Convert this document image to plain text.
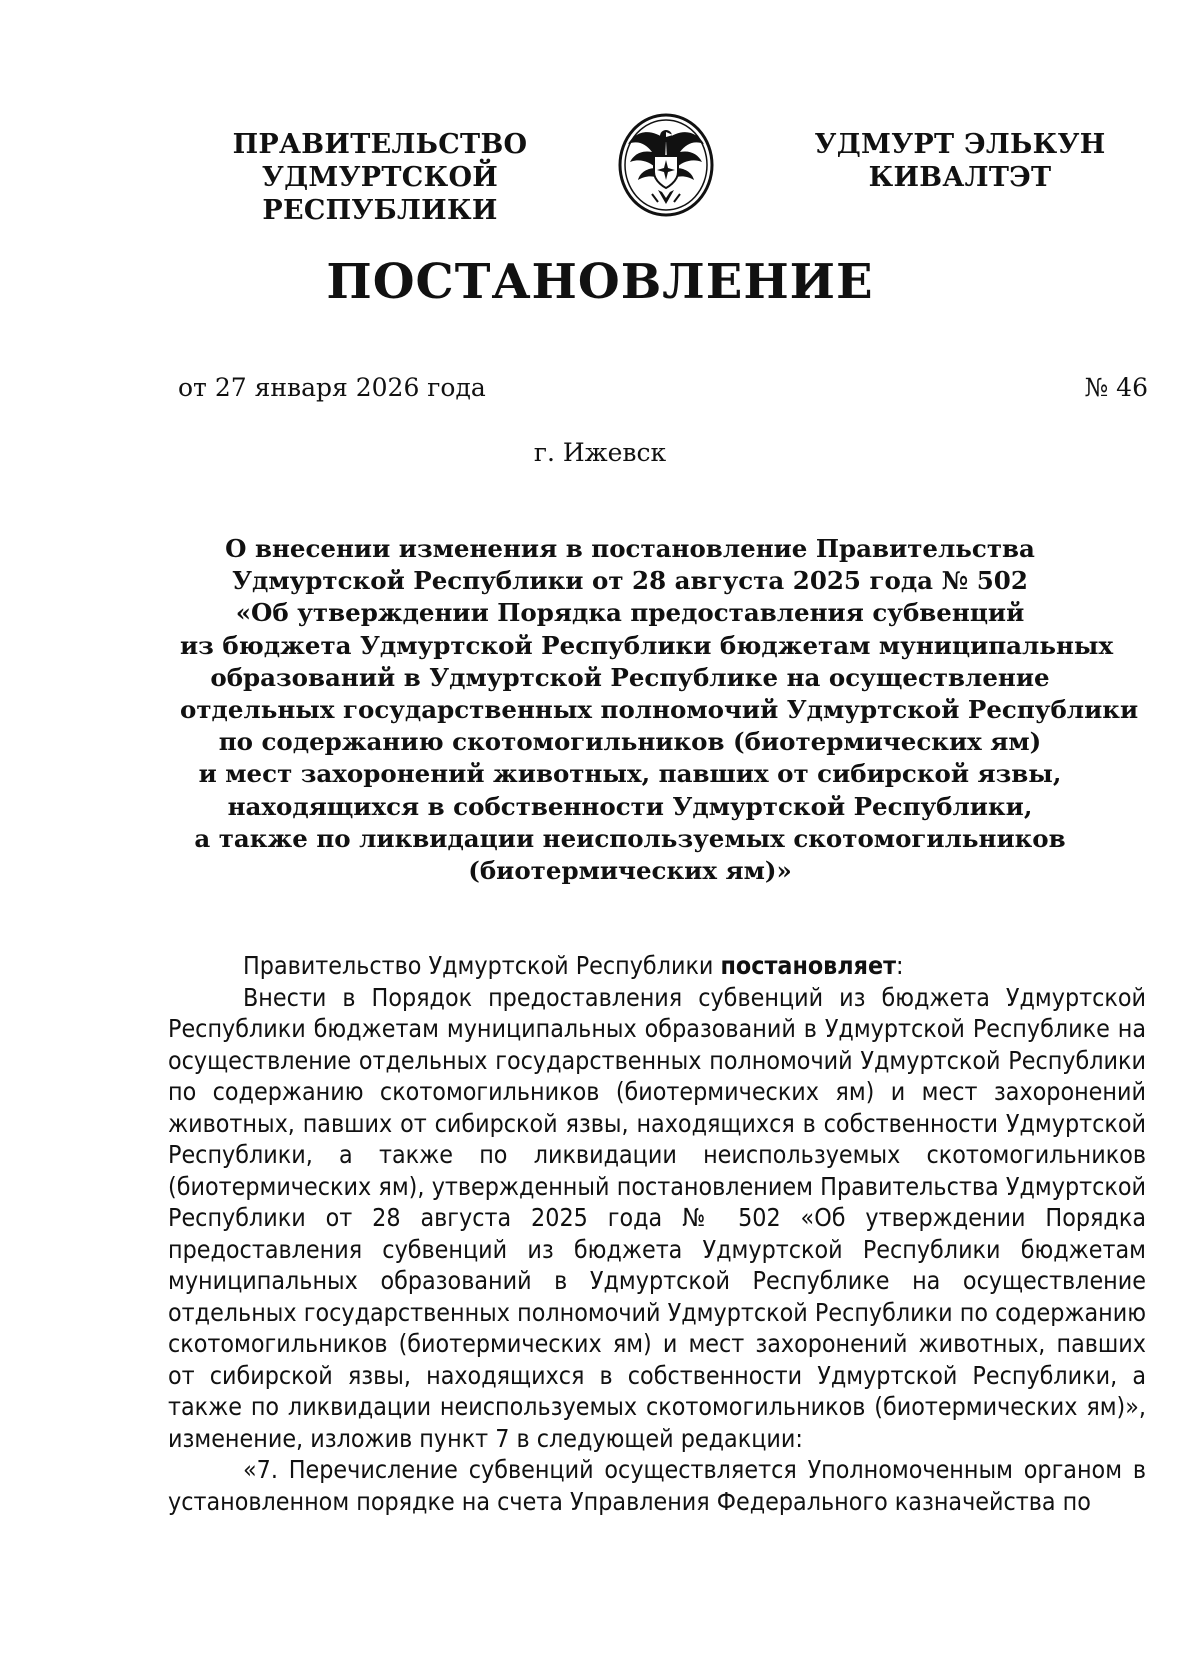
ПРАВИТЕЛЬСТВО
УДМУРТСКОЙ РЕСПУБЛИКИ
УДМУРТ ЭЛЬКУН
КИВАЛТЭТ
ПОСТАНОВЛЕНИЕ
от 27 января 2026 года	№ 46
г. Ижевск
О внесении изменения в постановление Правительства
Удмуртской Республики от 28 августа 2025 года № 502
«Об утверждении Порядка предоставления субвенций
из бюджета Удмуртской Республики бюджетам муниципальных
образований в Удмуртской Республике на осуществление
отдельных государственных полномочий Удмуртской Республики
по содержанию скотомогильников (биотермических ям)
и мест захоронений животных, павших от сибирской язвы,
находящихся в собственности Удмуртской Республики,
а также по ликвидации неиспользуемых скотомогильников
(биотермических ям)»

Правительство Удмуртской Республики постановляет:

Внести в Порядок предоставления субвенций из бюджета Удмуртской Республики бюджетам муниципальных образований в Удмуртской Республике на осуществление отдельных государственных полномочий Удмуртской Республики по содержанию скотомогильников (биотермических ям) и мест захоронений животных, павших от сибирской язвы, находящихся в собственности Удмуртской Республики, а также по ликвидации неиспользуемых скотомогильников (биотермических ям), утвержденный постановлением Правительства Удмуртской Республики от 28 августа 2025 года № 502 «Об утверждении Порядка предоставления субвенций из бюджета Удмуртской Республики бюджетам муниципальных образований в Удмуртской Республике на осуществление отдельных государственных полномочий Удмуртской Республики по содержанию скотомогильников (биотермических ям) и мест захоронений животных, павших от сибирской язвы, находящихся в собственности Удмуртской Республики, а также по ликвидации неиспользуемых скотомогильников (биотермических ям)», изменение, изложив пункт 7 в следующей редакции:

«7. Перечисление субвенций осуществляется Уполномоченным органом в установленном порядке на счета Управления Федерального казначейства по
